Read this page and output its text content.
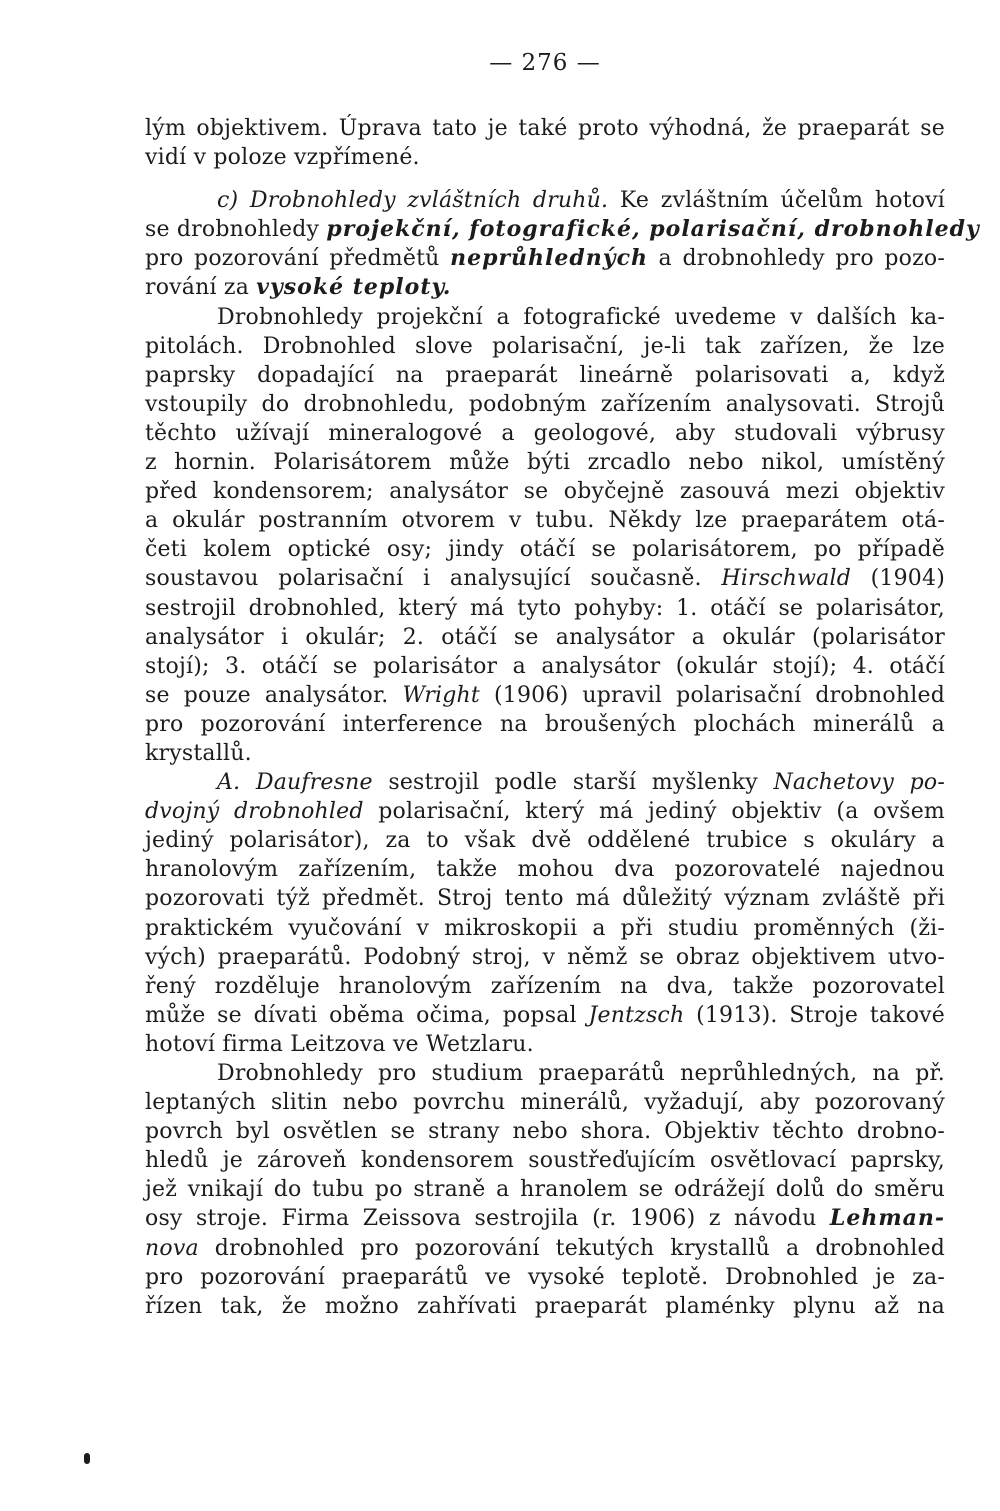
— 276 —
lým objektivem. Úprava tato je také proto výhodná, že praeparát se
vidí v poloze vzpřímené.
c) Drobnohledy zvláštních druhů. Ke zvláštním účelům hotoví
se drobnohledy projekční, fotografické, polarisační, drobnohledy
pro pozorování předmětů neprůhledných a drobnohledy pro pozo-
rování za vysoké teploty.
Drobnohledy projekční a fotografické uvedeme v dalších ka-
pitolách. Drobnohled slove polarisační, je-li tak zařízen, že lze
paprsky dopadající na praeparát lineárně polarisovati a, když
vstoupily do drobnohledu, podobným zařízením analysovati. Strojů
těchto užívají mineralogové a geologové, aby studovali výbrusy
z hornin. Polarisátorem může býti zrcadlo nebo nikol, umístěný
před kondensorem; analysátor se obyčejně zasouvá mezi objektiv
a okulár postranním otvorem v tubu. Někdy lze praeparátem otá-
četi kolem optické osy; jindy otáčí se polarisátorem, po případě
soustavou polarisační i analysující současně. Hirschwald (1904)
sestrojil drobnohled, který má tyto pohyby: 1. otáčí se polarisátor,
analysátor i okulár; 2. otáčí se analysátor a okulár (polarisátor
stojí); 3. otáčí se polarisátor a analysátor (okulár stojí); 4. otáčí
se pouze analysátor. Wright (1906) upravil polarisační drobnohled
pro pozorování interference na broušených plochách minerálů a
krystallů.
A. Daufresne sestrojil podle starší myšlenky Nachetovy po-
dvojný drobnohled polarisační, který má jediný objektiv (a ovšem
jediný polarisátor), za to však dvě oddělené trubice s okuláry a
hranolovým zařízením, takže mohou dva pozorovatelé najednou
pozorovati týž předmět. Stroj tento má důležitý význam zvláště při
praktickém vyučování v mikroskopii a při studiu proměnných (ži-
vých) praeparátů. Podobný stroj, v němž se obraz objektivem utvo-
řený rozděluje hranolovým zařízením na dva, takže pozorovatel
může se dívati oběma očima, popsal Jentzsch (1913). Stroje takové
hotoví firma Leitzova ve Wetzlaru.
Drobnohledy pro studium praeparátů neprůhledných, na př.
leptaných slitin nebo povrchu minerálů, vyžadují, aby pozorovaný
povrch byl osvětlen se strany nebo shora. Objektiv těchto drobno-
hledů je zároveň kondensorem soustřeďujícím osvětlovací paprsky,
jež vnikají do tubu po straně a hranolem se odrážejí dolů do směru
osy stroje. Firma Zeissova sestrojila (r. 1906) z návodu Lehman-
nova drobnohled pro pozorování tekutých krystallů a drobnohled
pro pozorování praeparátů ve vysoké teplotě. Drobnohled je za-
řízen tak, že možno zahřívati praeparát plaménky plynu až na
